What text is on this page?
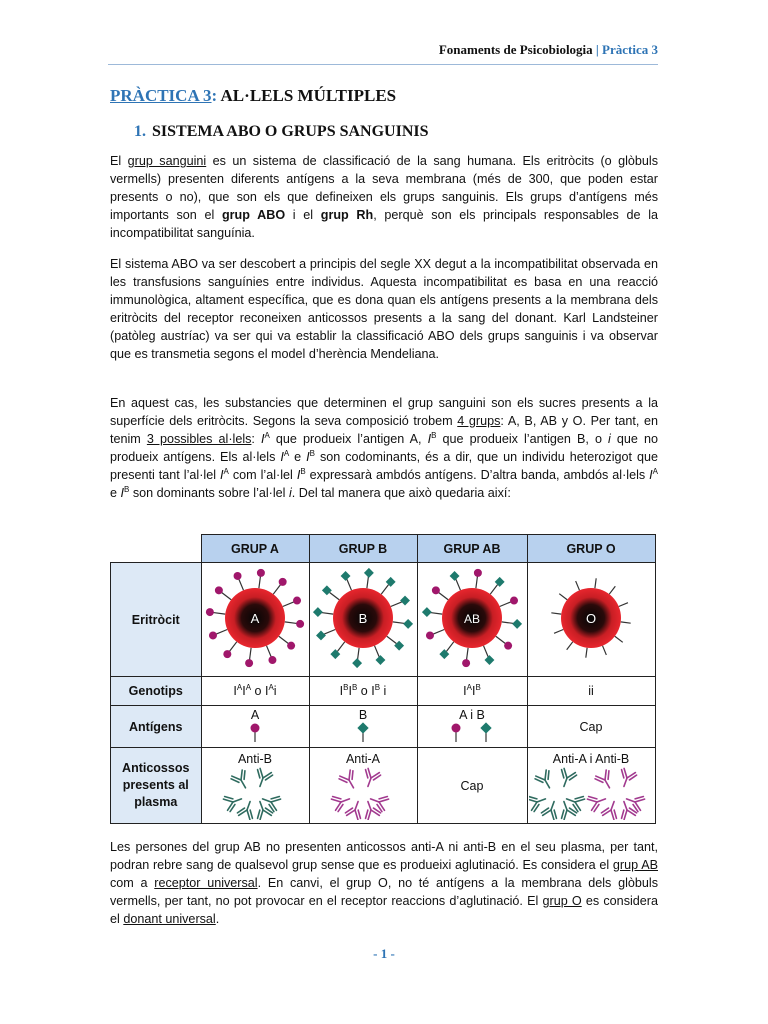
Fonaments de Psicobiologia | Pràctica 3
PRÀCTICA 3: AL·LELS MÚLTIPLES
1. SISTEMA ABO O GRUPS SANGUINIS
El grup sanguini es un sistema de classificació de la sang humana. Els eritròcits (o glòbuls vermells) presenten diferents antígens a la seva membrana (més de 300, que poden estar presents o no), que son els que defineixen els grups sanguinis. Els grups d’antígens més importants son el grup ABO i el grup Rh, perquè son els principals responsables de la incompatibilitat sanguínia.
El sistema ABO va ser descobert a principis del segle XX degut a la incompatibilitat observada en les transfusions sanguínies entre individus. Aquesta incompatibilitat es basa en una reacció immunològica, altament específica, que es dona quan els antígens presents a la membrana dels eritròcits del receptor reconeixen anticossos presents a la sang del donant. Karl Landsteiner (patòleg austríac) va ser qui va establir la classificació ABO dels grups sanguinis i va observar que es transmetia segons el model d’herència Mendeliana.
En aquest cas, les substancies que determinen el grup sanguini son els sucres presents a la superfície dels eritròcits. Segons la seva composició trobem 4 grups: A, B, AB y O. Per tant, en tenim 3 possibles al·lels: $I^A$ que produeix l’antigen A, $I^B$ que produeix l’antigen B, o i que no produeix antígens. Els al·lels $I^A$ e $I^B$ son codominants, és a dir, que un individu heterozigot que presenti tant l’al·lel $I^A$ com l’al·lel $I^B$ expressarà ambdós antígens. D’altra banda, ambdós al·lels $I^A$ e $I^B$ son dominants sobre l’al·lel i. Del tal manera que això quedaria així:
	GRUP A	GRUP B	GRUP AB	GRUP O
Eritròcit	A	B	AB	O

Genotips	$I^AI^A$ o $I^Ai$	$I^BI^B$ o $I^B$ i	$I^AI^B$	ii
Antígens	A	B	A i B	Cap
Anticossos presents al plasma	Anti-B	Anti-A	Cap	Anti-A i Anti-B
Les persones del grup AB no presenten anticossos anti-A ni anti-B en el seu plasma, per tant, podran rebre sang de qualsevol grup sense que es produeixi aglutinació. Es considera el grup AB com a receptor universal. En canvi, el grup O, no té antígens a la membrana dels glòbuls vermells, per tant, no pot provocar en el receptor reaccions d’aglutinació. El grup O es considera el donant universal.
- 1 -
